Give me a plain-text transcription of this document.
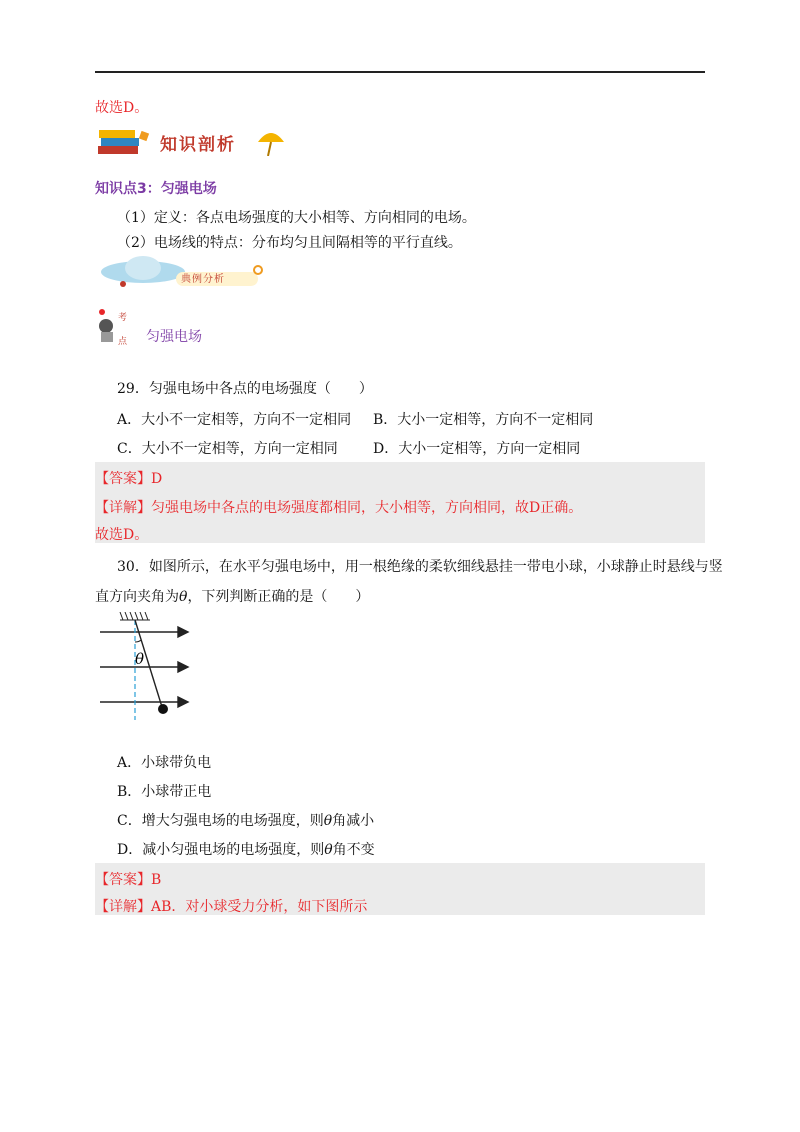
故选D。
知识剖析
知识点3：匀强电场
（1）定义：各点电场强度的大小相等、方向相同的电场。
（2）电场线的特点：分布均匀且间隔相等的平行直线。
典例分析
考
点 匀强电场
29．匀强电场中各点的电场强度（　　）
A．大小不一定相等，方向不一定相同 B．大小一定相等，方向不一定相同
C．大小不一定相等，方向一定相同	D．大小一定相等，方向一定相同
【答案】D
【详解】匀强电场中各点的电场强度都相同，大小相等，方向相同，故D正确。
故选D。
30．如图所示，在水平匀强电场中，用一根绝缘的柔软细线悬挂一带电小球，小球静止时悬线与竖
直方向夹角为θ，下列判断正确的是（　　）
θ
A．小球带负电
B．小球带正电
C．增大匀强电场的电场强度，则θ角减小
D．减小匀强电场的电场强度，则θ角不变
【答案】B
【详解】AB．对小球受力分析，如下图所示
